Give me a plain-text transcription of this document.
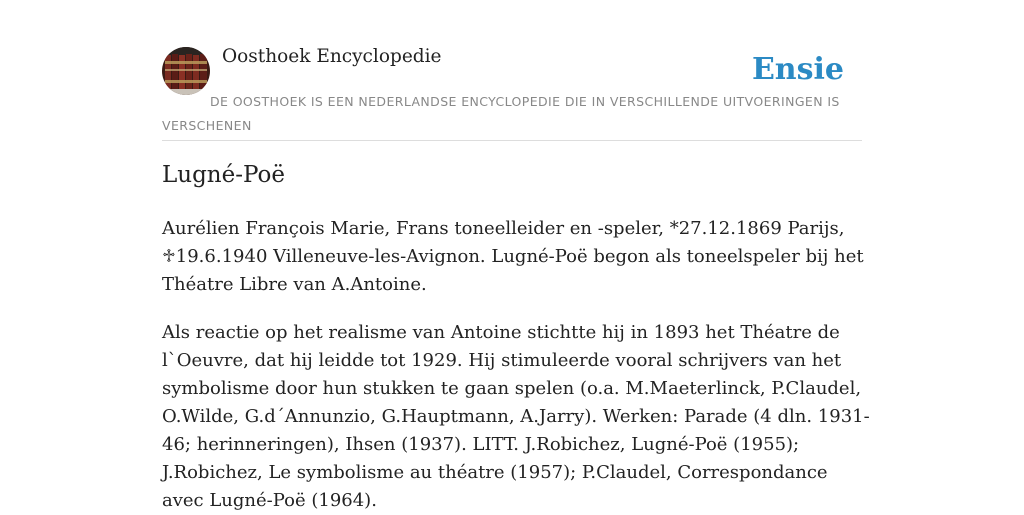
Oosthoek Encyclopedie	Ensie
DE OOSTHOEK IS EEN NEDERLANDSE ENCYCLOPEDIE DIE IN VERSCHILLENDE UITVOERINGEN IS VERSCHENEN
Lugné-Poë

Aurélien François Marie, Frans toneelleider en -speler, *27.12.1869 Parijs, ♱19.6.1940 Villeneuve-les-Avignon. Lugné-Poë begon als toneelspeler bij het Théatre Libre van A.Antoine.

Als reactie op het realisme van Antoine stichtte hij in 1893 het Théatre de l`Oeuvre, dat hij leidde tot 1929. Hij stimuleerde vooral schrijvers van het symbolisme door hun stukken te gaan spelen (o.a. M.Maeterlinck, P.Claudel, O.Wilde, G.d´Annunzio, G.Hauptmann, A.Jarry). Werken: Parade (4 dln. 1931-46; herinneringen), Ihsen (1937). LITT. J.Robichez, Lugné-Poë (1955); J.Robichez, Le symbolisme au théatre (1957); P.Claudel, Correspondance avec Lugné-Poë (1964).
